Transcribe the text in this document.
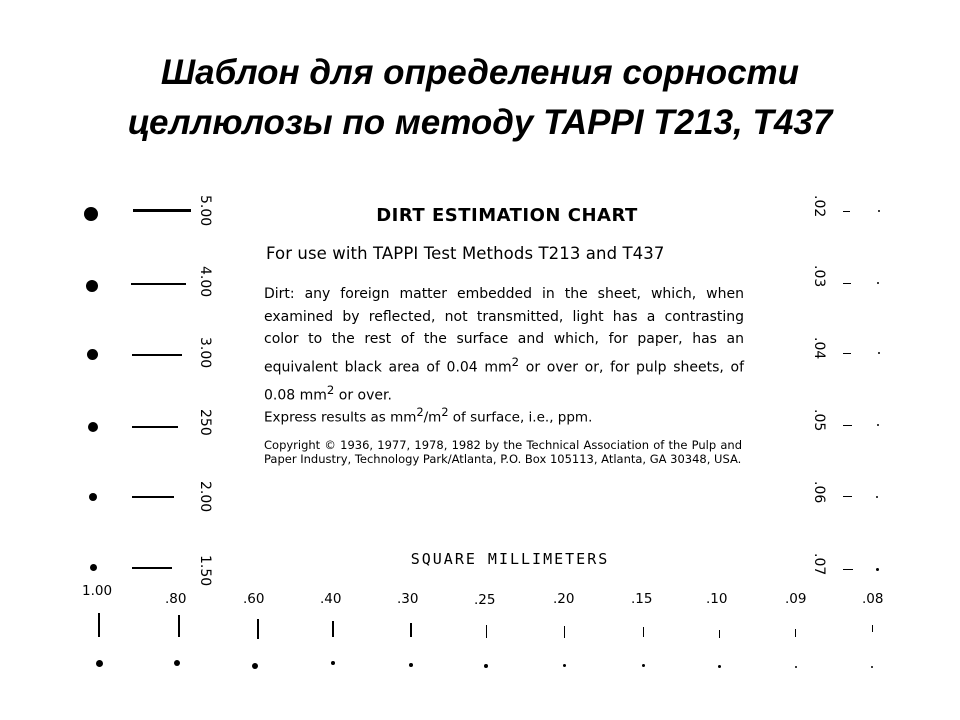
Шаблон для определения сорности
целлюлозы по методу TAPPI T213, T437
DIRT ESTIMATION CHART
For use with TAPPI Test Methods T213 and T437
Dirt: any foreign matter embedded in the sheet, which, when examined by reflected, not transmitted, light has a contrasting color to the rest of the surface and which, for paper, has an equivalent black area of 0.04 $mm^2$ or over or, for pulp sheets, of 0.08 $mm^2$ or over.
Express results as $mm^2/m^2$ of surface, i.e., ppm.
Copyright © 1936, 1977, 1978, 1982 by the Technical Association of the Pulp and Paper Industry, Technology Park/Atlanta, P.O. Box 105113, Atlanta, GA 30348, USA.
SQUARE MILLIMETERS
5.00
4.00
3.00
250
2.00
1.50
.02
.03
.04
.05
.06
.07
1.00	.80	.60	.40	.30	.25	.20	.15	.10	.09	.08
